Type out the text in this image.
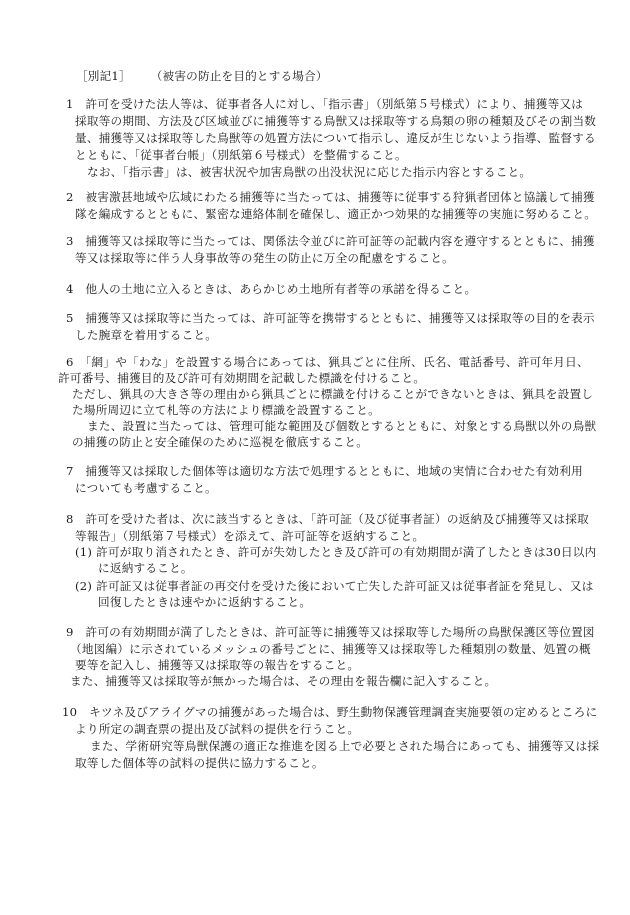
［別記1］ （被害の防止を目的とする場合）
1　許可を受けた法人等は、従事者各人に対し、「指示書」（別紙第５号様式）により、捕獲等又は
採取等の期間、方法及び区域並びに捕獲等する鳥獣又は採取等する鳥類の卵の種類及びその割当数
量、捕獲等又は採取等した鳥獣等の処置方法について指示し、違反が生じないよう指導、監督する
とともに、「従事者台帳」（別紙第６号様式）を整備すること。
なお、「指示書」は、被害状況や加害鳥獣の出没状況に応じた指示内容とすること。
2　被害激甚地域や広域にわたる捕獲等に当たっては、捕獲等に従事する狩猟者団体と協議して捕獲
隊を編成するとともに、緊密な連絡体制を確保し、適正かつ効果的な捕獲等の実施に努めること。
3　捕獲等又は採取等に当たっては、関係法令並びに許可証等の記載内容を遵守するとともに、捕獲
等又は採取等に伴う人身事故等の発生の防止に万全の配慮をすること。
4　他人の土地に立入るときは、あらかじめ土地所有者等の承諾を得ること。
5　捕獲等又は採取等に当たっては、許可証等を携帯するとともに、捕獲等又は採取等の目的を表示
した腕章を着用すること。
6　「網」や「わな」を設置する場合にあっては、猟具ごとに住所、氏名、電話番号、許可年月日、
許可番号、捕獲目的及び許可有効期間を記載した標識を付けること。
ただし、猟具の大きさ等の理由から猟具ごとに標識を付けることができないときは、猟具を設置し
た場所周辺に立て札等の方法により標識を設置すること。
また、設置に当たっては、管理可能な範囲及び個数とするとともに、対象とする鳥獣以外の鳥獣
の捕獲の防止と安全確保のために巡視を徹底すること。
7　捕獲等又は採取した個体等は適切な方法で処理するとともに、地域の実情に合わせた有効利用
についても考慮すること。
8　許可を受けた者は、次に該当するときは、「許可証（及び従事者証）の返納及び捕獲等又は採取
等報告」（別紙第７号様式）を添えて、許可証等を返納すること。
(1) 許可が取り消されたとき、許可が失効したとき及び許可の有効期間が満了したときは30日以内
に返納すること。
(2) 許可証又は従事者証の再交付を受けた後において亡失した許可証又は従事者証を発見し、又は
回復したときは速やかに返納すること。
9　許可の有効期間が満了したときは、許可証等に捕獲等又は採取等した場所の鳥獣保護区等位置図
（地図編）に示されているメッシュの番号ごとに、捕獲等又は採取等した種類別の数量、処置の概
要等を記入し、捕獲等又は採取等の報告をすること。
また、捕獲等又は採取等が無かった場合は、その理由を報告欄に記入すること。
10　キツネ及びアライグマの捕獲があった場合は、野生動物保護管理調査実施要領の定めるところに
より所定の調査票の提出及び試料の提供を行うこと。
また、学術研究等鳥獣保護の適正な推進を図る上で必要とされた場合にあっても、捕獲等又は採
取等した個体等の試料の提供に協力すること。
